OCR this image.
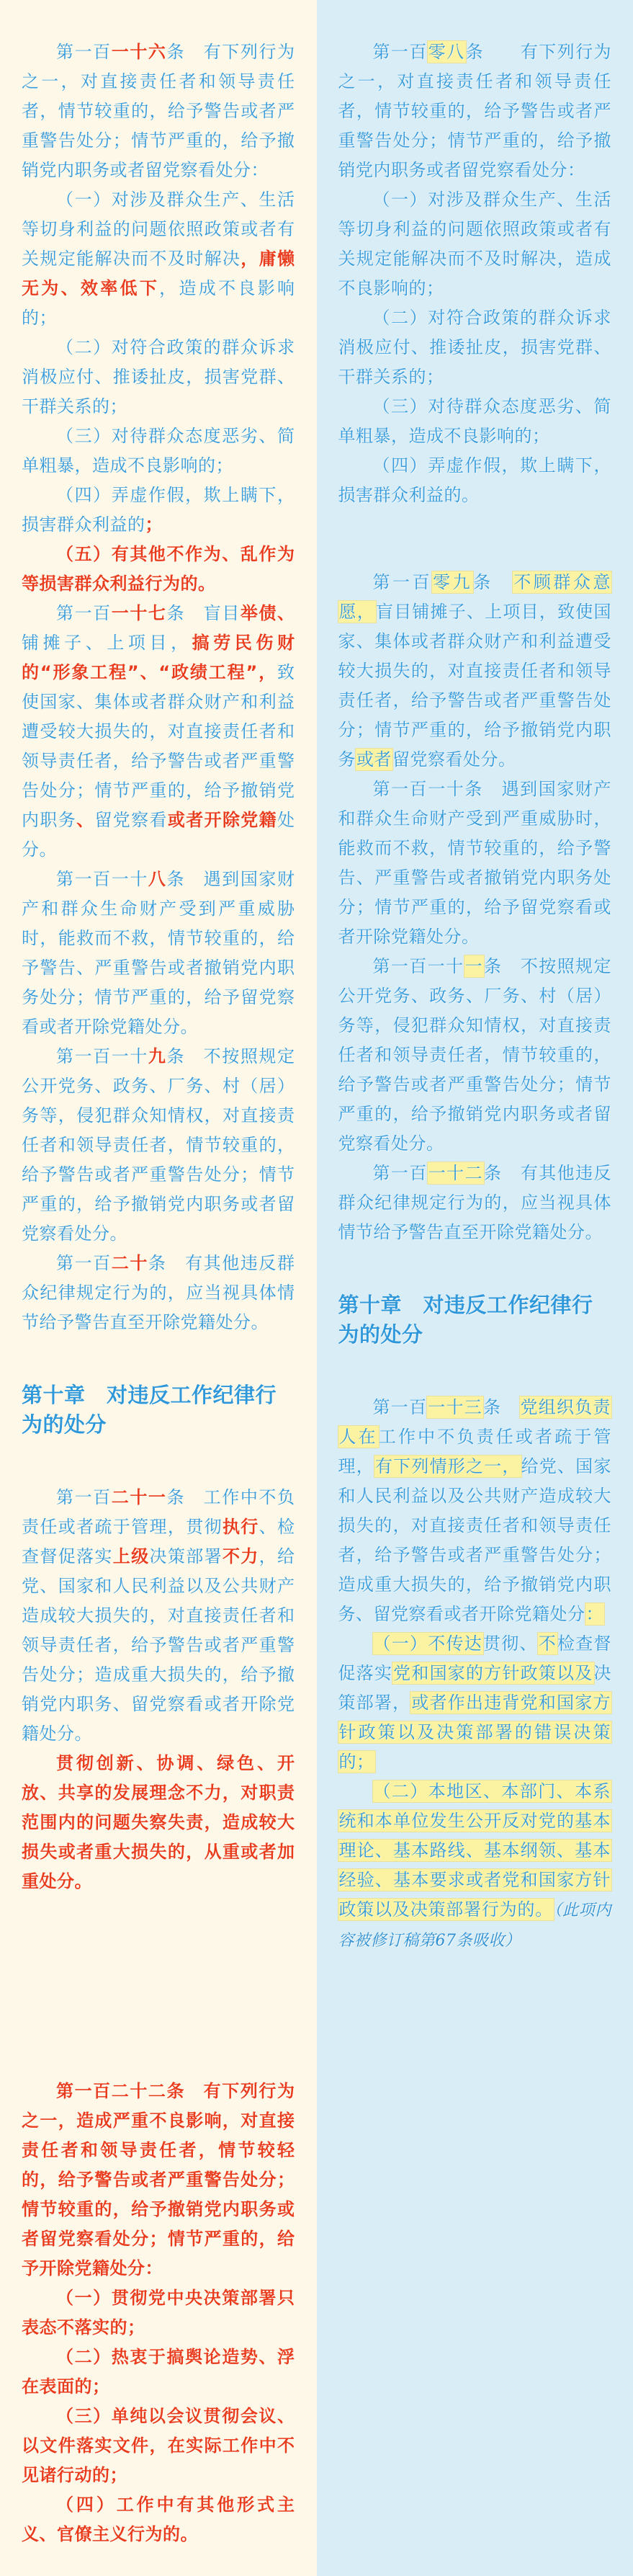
第一百一十六条　有下列行为之一，对直接责任者和领导责任者，情节较重的，给予警告或者严重警告处分；情节严重的，给予撤销党内职务或者留党察看处分：

（一）对涉及群众生产、生活等切身利益的问题依照政策或者有关规定能解决而不及时解决，庸懒无为、效率低下，造成不良影响的；

（二）对符合政策的群众诉求消极应付、推诿扯皮，损害党群、干群关系的；

（三）对待群众态度恶劣、简单粗暴，造成不良影响的；

（四）弄虚作假，欺上瞒下，损害群众利益的；

（五）有其他不作为、乱作为等损害群众利益行为的。

第一百一十七条　盲目举债、铺摊子、上项目，搞劳民伤财的“形象工程”、“政绩工程”，致使国家、集体或者群众财产和利益遭受较大损失的，对直接责任者和领导责任者，给予警告或者严重警告处分；情节严重的，给予撤销党内职务、留党察看或者开除党籍处分。

第一百一十八条　遇到国家财产和群众生命财产受到严重威胁时，能救而不救，情节较重的，给予警告、严重警告或者撤销党内职务处分；情节严重的，给予留党察看或者开除党籍处分。

第一百一十九条　不按照规定公开党务、政务、厂务、村（居）务等，侵犯群众知情权，对直接责任者和领导责任者，情节较重的，给予警告或者严重警告处分；情节严重的，给予撤销党内职务或者留党察看处分。

第一百二十条　有其他违反群众纪律规定行为的，应当视具体情节给予警告直至开除党籍处分。

第十章　对违反工作纪律行为的处分

第一百二十一条　工作中不负责任或者疏于管理，贯彻执行、检查督促落实上级决策部署不力，给党、国家和人民利益以及公共财产造成较大损失的，对直接责任者和领导责任者，给予警告或者严重警告处分；造成重大损失的，给予撤销党内职务、留党察看或者开除党籍处分。

贯彻创新、协调、绿色、开放、共享的发展理念不力，对职责范围内的问题失察失责，造成较大损失或者重大损失的，从重或者加重处分。

第一百二十二条　有下列行为之一，造成严重不良影响，对直接责任者和领导责任者，情节较轻的，给予警告或者严重警告处分；情节较重的，给予撤销党内职务或者留党察看处分；情节严重的，给予开除党籍处分：

（一）贯彻党中央决策部署只表态不落实的；

（二）热衷于搞舆论造势、浮在表面的；

（三）单纯以会议贯彻会议、以文件落实文件，在实际工作中不见诸行动的；

（四）工作中有其他形式主义、官僚主义行为的。

第一百零八条　　有下列行为之一，对直接责任者和领导责任者，情节较重的，给予警告或者严重警告处分；情节严重的，给予撤销党内职务或者留党察看处分：

（一）对涉及群众生产、生活等切身利益的问题依照政策或者有关规定能解决而不及时解决，造成不良影响的；

（二）对符合政策的群众诉求消极应付、推诿扯皮，损害党群、干群关系的；

（三）对待群众态度恶劣、简单粗暴，造成不良影响的；

（四）弄虚作假，欺上瞒下，损害群众利益的。

第一百零九条　不顾群众意愿，盲目铺摊子、上项目，致使国家、集体或者群众财产和利益遭受较大损失的，对直接责任者和领导责任者，给予警告或者严重警告处分；情节严重的，给予撤销党内职务或者留党察看处分。

第一百一十条　遇到国家财产和群众生命财产受到严重威胁时，能救而不救，情节较重的，给予警告、严重警告或者撤销党内职务处分；情节严重的，给予留党察看或者开除党籍处分。

第一百一十一条　不按照规定公开党务、政务、厂务、村（居）务等，侵犯群众知情权，对直接责任者和领导责任者，情节较重的，给予警告或者严重警告处分；情节严重的，给予撤销党内职务或者留党察看处分。

第一百一十二条　有其他违反群众纪律规定行为的，应当视具体情节给予警告直至开除党籍处分。

第十章　对违反工作纪律行为的处分

第一百一十三条　党组织负责人在工作中不负责任或者疏于管理，有下列情形之一，给党、国家和人民利益以及公共财产造成较大损失的，对直接责任者和领导责任者，给予警告或者严重警告处分；造成重大损失的，给予撤销党内职务、留党察看或者开除党籍处分：

（一）不传达贯彻、不检查督促落实党和国家的方针政策以及决策部署，或者作出违背党和国家方针政策以及决策部署的错误决策的；

（二）本地区、本部门、本系统和本单位发生公开反对党的基本理论、基本路线、基本纲领、基本经验、基本要求或者党和国家方针政策以及决策部署行为的。（此项内容被修订稿第67条吸收）
